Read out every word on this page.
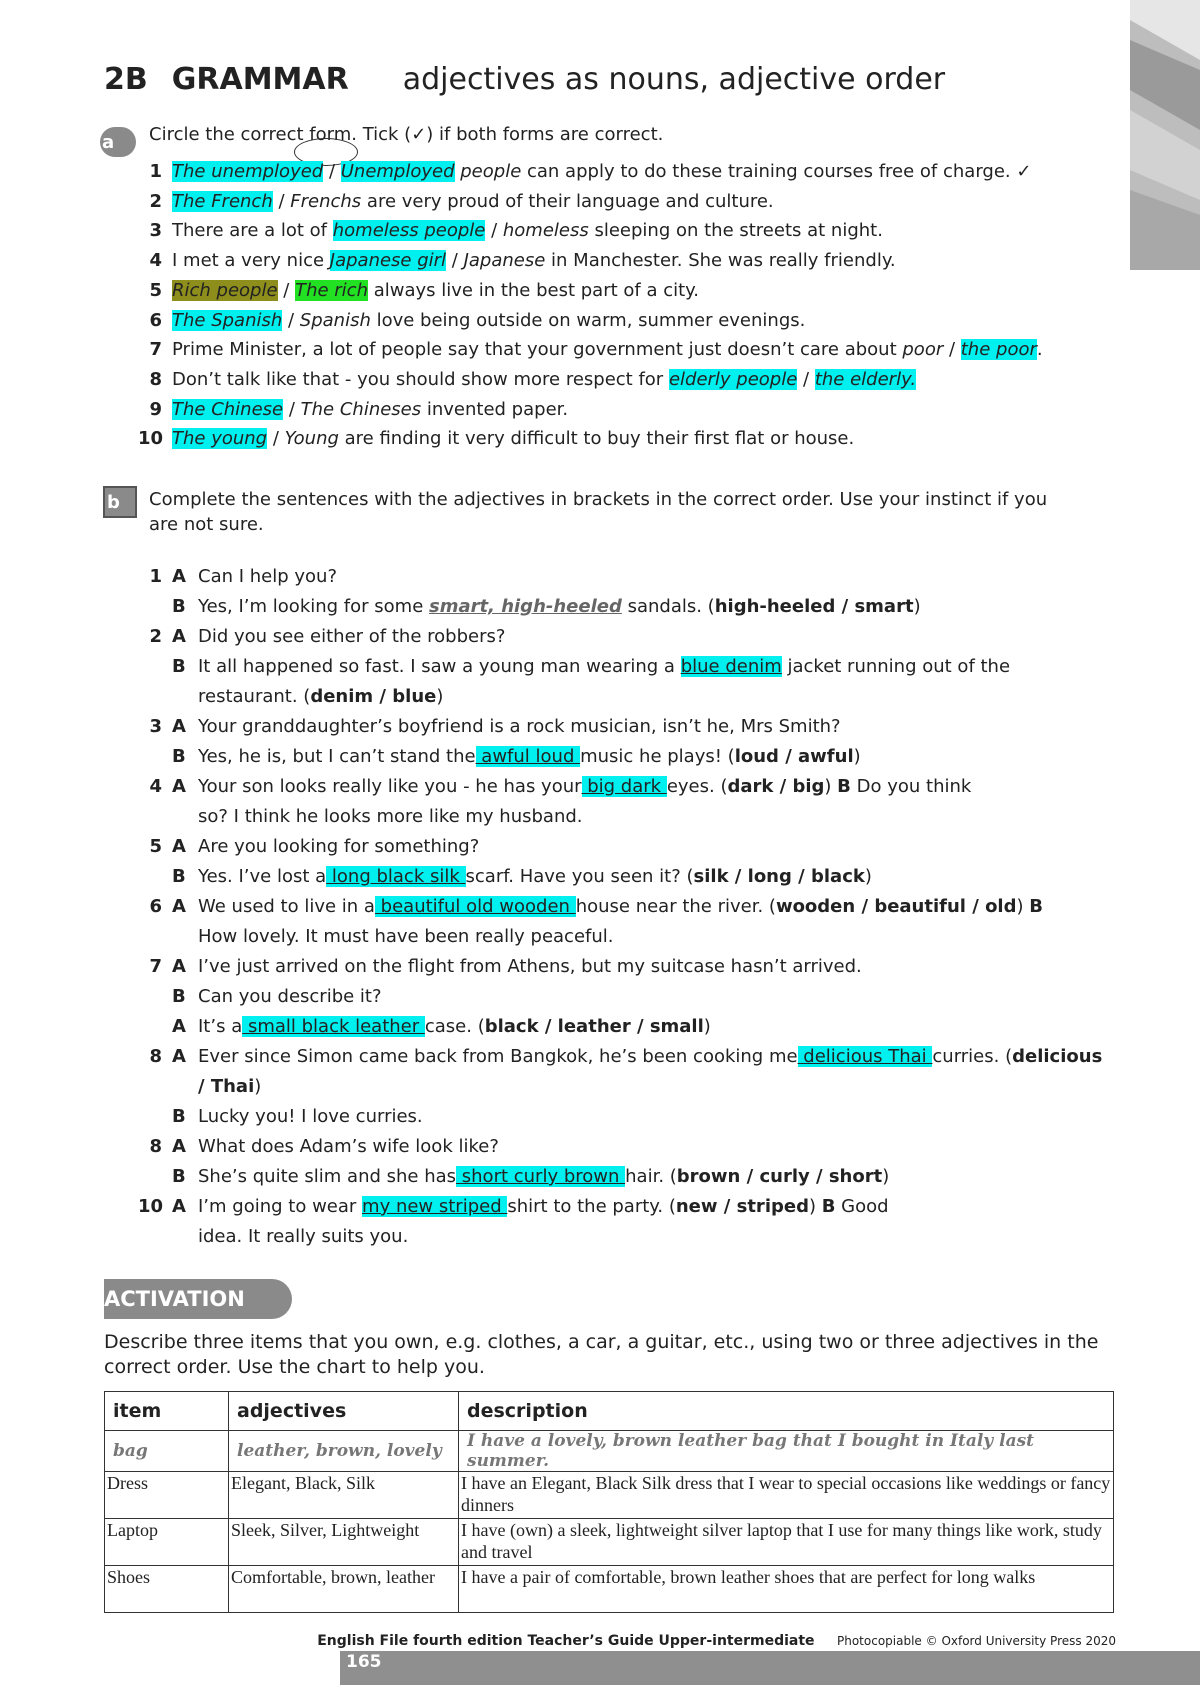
2B GRAMMAR adjectives as nouns, adjective order
a	Circle the correct form. Tick (✓) if both forms are correct.
1 The unemployed / Unemployed people can apply to do these training courses free of charge. ✓
2 The French / Frenchs are very proud of their language and culture.
3 There are a lot of homeless people / homeless sleeping on the streets at night.
4 I met a very nice Japanese girl / Japanese in Manchester. She was really friendly.
5 Rich people / The rich always live in the best part of a city.
6 The Spanish / Spanish love being outside on warm, summer evenings.
7 Prime Minister, a lot of people say that your government just doesn’t care about poor / the poor.
8 Don’t talk like that - you should show more respect for elderly people / the elderly.
9 The Chinese / The Chineses invented paper.
10 The young / Young are finding it very difficult to buy their first flat or house.
b	Complete the sentences with the adjectives in brackets in the correct order. Use your instinct if you
are not sure.
1 A Can I help you?
B Yes, I’m looking for some smart, high-heeled sandals. (high-heeled / smart)
2 A Did you see either of the robbers?
B It all happened so fast. I saw a young man wearing a blue denim jacket running out of the
restaurant. (denim / blue)
3 A Your granddaughter’s boyfriend is a rock musician, isn’t he, Mrs Smith?
B Yes, he is, but I can’t stand the awful loud music he plays! (loud / awful)
4 A Your son looks really like you - he has your big dark eyes. (dark / big) B Do you think
so? I think he looks more like my husband.
5 A Are you looking for something?
B Yes. I’ve lost a long black silk scarf. Have you seen it? (silk / long / black)
6 A We used to live in a beautiful old wooden house near the river. (wooden / beautiful / old) B
How lovely. It must have been really peaceful.
7 A I’ve just arrived on the flight from Athens, but my suitcase hasn’t arrived.
B Can you describe it?
A It’s a small black leather case. (black / leather / small)
8 A Ever since Simon came back from Bangkok, he’s been cooking me delicious Thai curries. (delicious
/ Thai)
B Lucky you! I love curries.
8 A What does Adam’s wife look like?
B She’s quite slim and she has short curly brown hair. (brown / curly / short)
10 A I’m going to wear my new striped shirt to the party. (new / striped) B Good
idea. It really suits you.
ACTIVATION
Describe three items that you own, e.g. clothes, a car, a guitar, etc., using two or three adjectives in the
correct order. Use the chart to help you.
item	adjectives	description
bag	leather, brown, lovely	I have a lovely, brown leather bag that I bought in Italy last summer.
Dress	Elegant, Black, Silk	I have an Elegant, Black Silk dress that I wear to special occasions like weddings or fancy dinners
Laptop	Sleek, Silver, Lightweight	I have (own) a sleek, lightweight silver laptop that I use for many things like work, study and travel
Shoes	Comfortable, brown, leather	I have a pair of comfortable, brown leather shoes that are perfect for long walks
English File fourth edition Teacher’s Guide Upper-intermediate Photocopiable © Oxford University Press 2020
165
